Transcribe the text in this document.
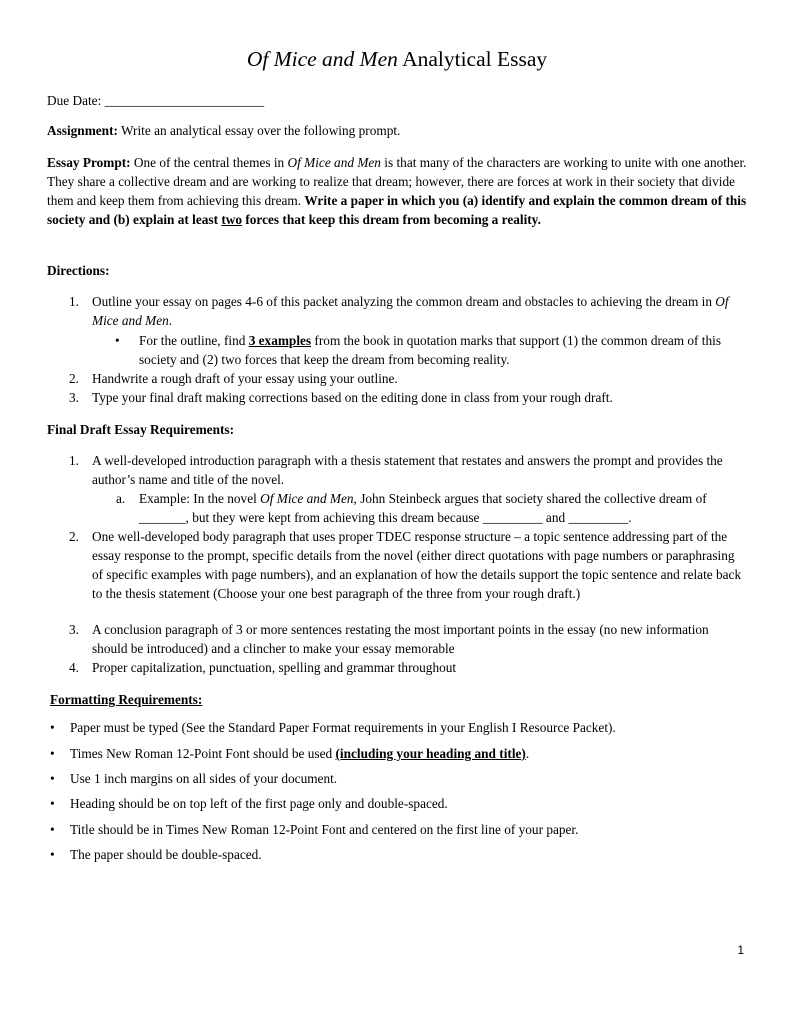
Of Mice and Men Analytical Essay
Due Date: ________________________
Assignment: Write an analytical essay over the following prompt.
Essay Prompt: One of the central themes in Of Mice and Men is that many of the characters are working to unite with one another. They share a collective dream and are working to realize that dream; however, there are forces at work in their society that divide them and keep them from achieving this dream. Write a paper in which you (a) identify and explain the common dream of this society and (b) explain at least two forces that keep this dream from becoming a reality.
Directions:
1. Outline your essay on pages 4-6 of this packet analyzing the common dream and obstacles to achieving the dream in Of Mice and Men.
• For the outline, find 3 examples from the book in quotation marks that support (1) the common dream of this society and (2) two forces that keep the dream from becoming reality.
2. Handwrite a rough draft of your essay using your outline.
3. Type your final draft making corrections based on the editing done in class from your rough draft.
Final Draft Essay Requirements:
1. A well-developed introduction paragraph with a thesis statement that restates and answers the prompt and provides the author’s name and title of the novel.
a. Example: In the novel Of Mice and Men, John Steinbeck argues that society shared the collective dream of _______, but they were kept from achieving this dream because _________ and _________.
2. One well-developed body paragraph that uses proper TDEC response structure – a topic sentence addressing part of the essay response to the prompt, specific details from the novel (either direct quotations with page numbers or paraphrasing of specific examples with page numbers), and an explanation of how the details support the topic sentence and relate back to the thesis statement (Choose your one best paragraph of the three from your rough draft.)
3. A conclusion paragraph of 3 or more sentences restating the most important points in the essay (no new information should be introduced) and a clincher to make your essay memorable
4. Proper capitalization, punctuation, spelling and grammar throughout
Formatting Requirements:
• Paper must be typed (See the Standard Paper Format requirements in your English I Resource Packet).
• Times New Roman 12-Point Font should be used (including your heading and title).
• Use 1 inch margins on all sides of your document.
• Heading should be on top left of the first page only and double-spaced.
• Title should be in Times New Roman 12-Point Font and centered on the first line of your paper.
• The paper should be double-spaced.
1
